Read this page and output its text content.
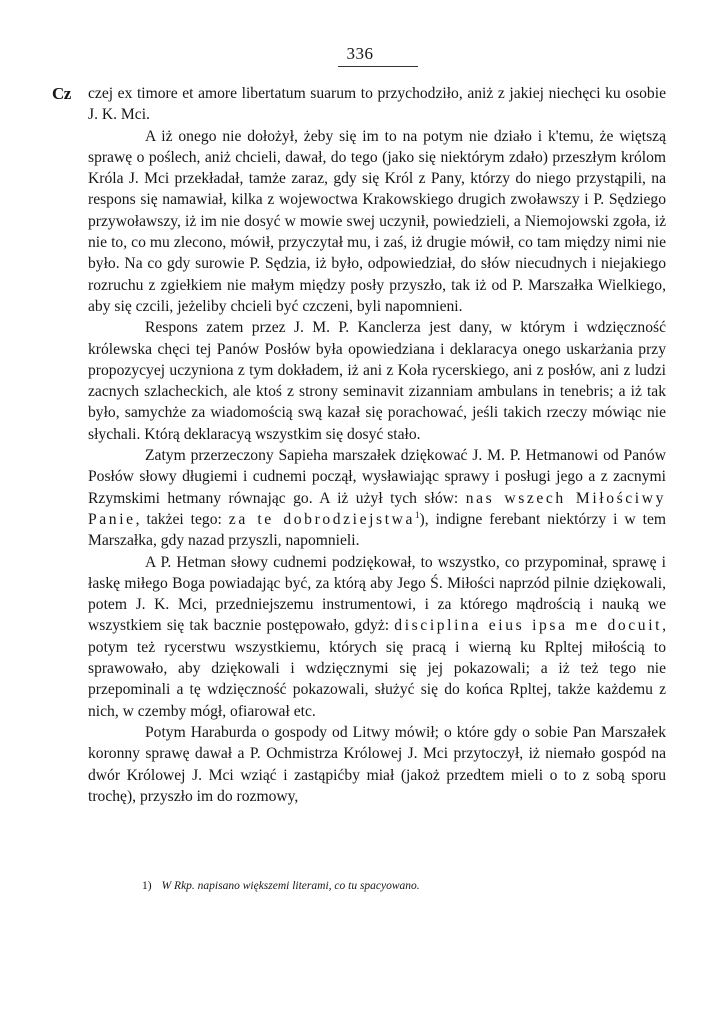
336
Cz czej ex timore et amore libertatum suarum to przychodziło, aniż z jakiej niechęci ku osobie J. K. Mci.

A iż onego nie dołożył, żeby się im to na potym nie działo i k'temu, że więtszą sprawę o poślech, aniż chcieli, dawał, do tego (jako się niektórym zdało) przeszłym królom Króla J. Mci przekładał, tamże zaraz, gdy się Król z Pany, którzy do niego przystąpili, na respons się namawiał, kilka z wojewoctwa Krakowskiego drugich zwoławszy i P. Sędziego przywoławszy, iż im nie dosyć w mowie swej uczynił, powiedzieli, a Niemojowski zgoła, iż nie to, co mu zlecono, mówił, przyczytał mu, i zaś, iż drugie mówił, co tam między nimi nie było. Na co gdy surowie P. Sędzia, iż było, odpowiedział, do słów niecudnych i niejakiego rozruchu z zgiełkiem nie małym między posły przyszło, tak iż od P. Marszałka Wielkiego, aby się czcili, jeżeliby chcieli być czczeni, byli napomnieni.

Respons zatem przez J. M. P. Kanclerza jest dany, w którym i wdzięczność królewska chęci tej Panów Posłów była opowiedziana i deklaracya onego uskarżania przy propozycyej uczyniona z tym dokładem, iż ani z Koła rycerskiego, ani z posłów, ani z ludzi zacnych szlacheckich, ale ktoś z strony seminavit zizanniam ambulans in tenebris; a iż tak było, samychże za wiadomością swą kazał się porachować, jeśli takich rzeczy mówiąc nie słychali. Którą deklaracyą wszystkim się dosyć stało.

Zatym przerzeczony Sapieha marszałek dziękować J. M. P. Hetmanowi od Panów Posłów słowy długiemi i cudnemi począł, wysławiając sprawy i posługi jego a z zacnymi Rzymskimi hetmany równając go. A iż użył tych słów: nas wszech Miłościwy Panie, takżei tego: za te dobrodziejstwa$^1$), indigne ferebant niektórzy i w tem Marszałka, gdy nazad przyszli, napomnieli.

A P. Hetman słowy cudnemi podziękował, to wszystko, co przypominał, sprawę i łaskę miłego Boga powiadając być, za którą aby Jego Ś. Miłości naprzód pilnie dziękowali, potem J. K. Mci, przedniejszemu instrumentowi, i za którego mądrością i nauką we wszystkiem się tak bacznie postępowało, gdyż: disciplina eius ipsa me docuit, potym też rycerstwu wszystkiemu, których się pracą i wierną ku Rpltej miłością to sprawowało, aby dziękowali i wdzięcznymi się jej pokazowali; a iż też tego nie przepominali a tę wdzięczność pokazowali, służyć się do końca Rpltej, także każdemu z nich, w czemby mógł, ofiarował etc.

Potym Haraburda o gospody od Litwy mówił; o które gdy o sobie Pan Marszałek koronny sprawę dawał a P. Ochmistrza Królowej J. Mci przytoczył, iż niemało gospód na dwór Królowej J. Mci wziąć i zastąpićby miał (jakoż przedtem mieli o to z sobą sporu trochę), przyszło im do rozmowy,

1) W Rkp. napisano większemi literami, co tu spacyowano.
